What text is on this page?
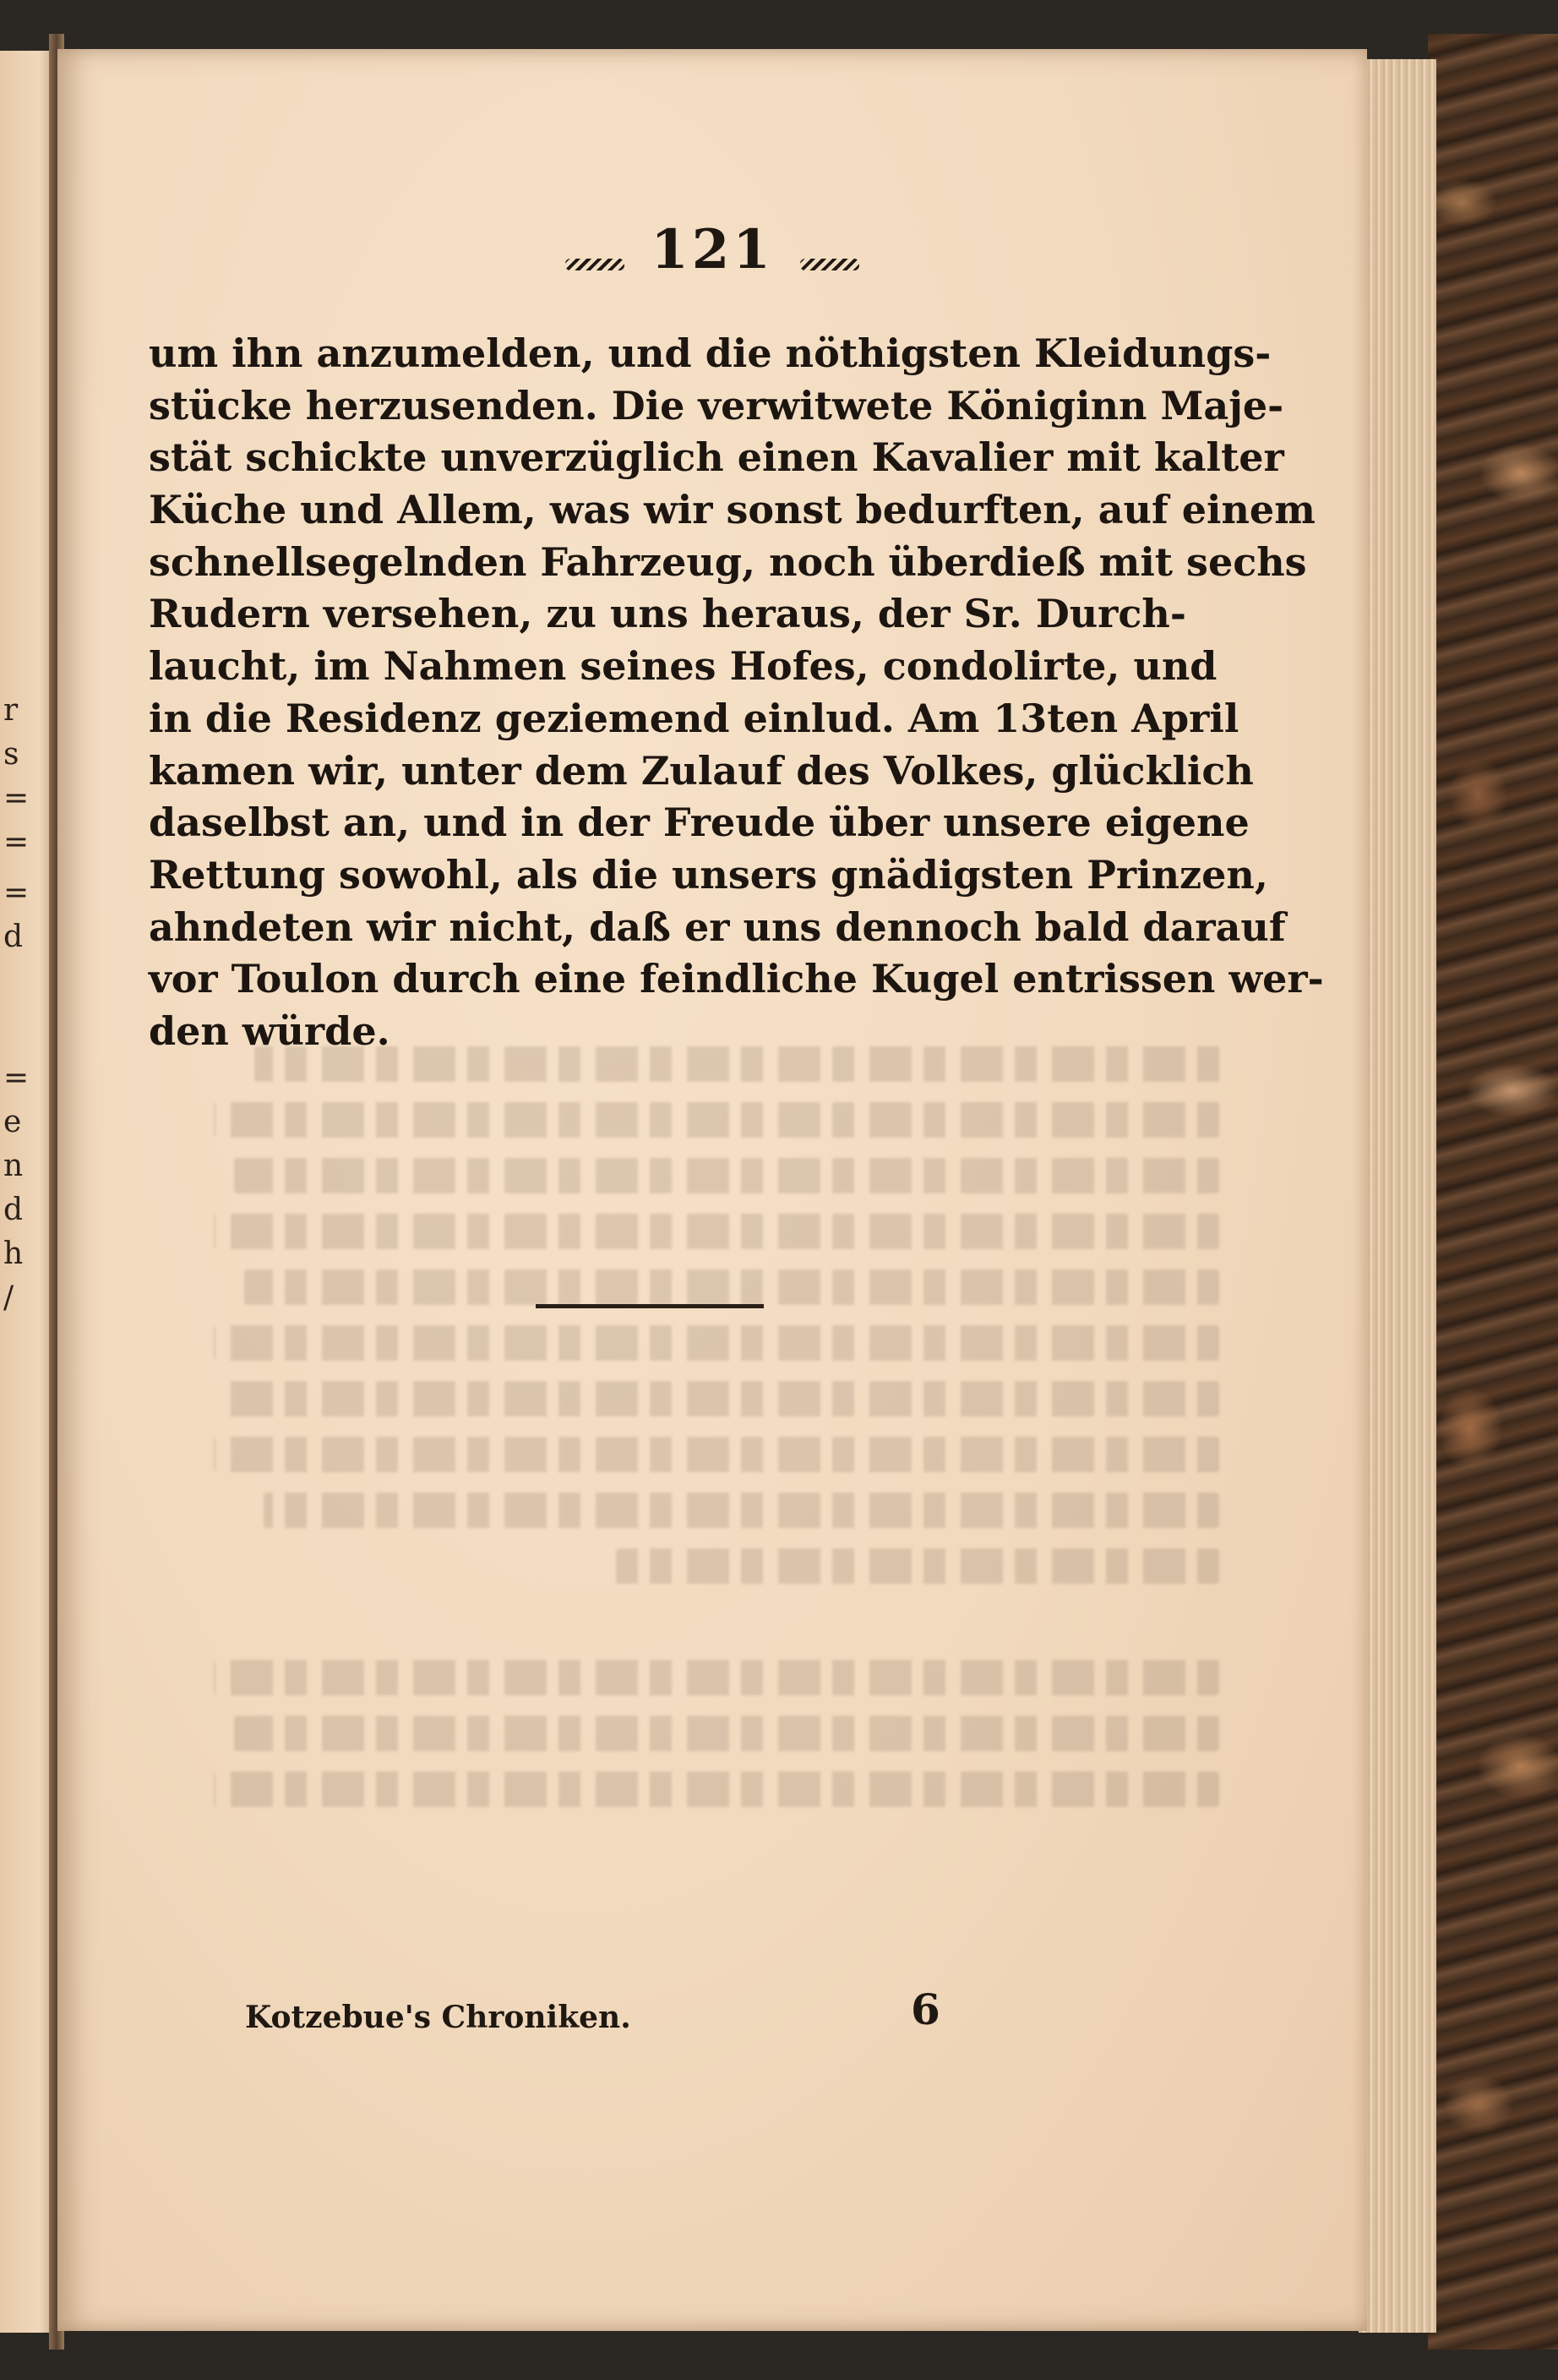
r
s
=
=
=
d
=
e
n
d
h
/
121
um ihn anzumelden, und die nöthigsten Kleidungs-
stücke herzusenden. Die verwitwete Königinn Maje-
stät schickte unverzüglich einen Kavalier mit kalter
Küche und Allem, was wir sonst bedurften, auf einem
schnellsegelnden Fahrzeug, noch überdieß mit sechs
Rudern versehen, zu uns heraus, der Sr. Durch-
laucht, im Nahmen seines Hofes, condolirte, und
in die Residenz geziemend einlud. Am 13ten April
kamen wir, unter dem Zulauf des Volkes, glücklich
daselbst an, und in der Freude über unsere eigene
Rettung sowohl, als die unsers gnädigsten Prinzen,
ahndeten wir nicht, daß er uns dennoch bald darauf
vor Toulon durch eine feindliche Kugel entrissen wer-
den würde.
Kotzebue's Chroniken.	6
